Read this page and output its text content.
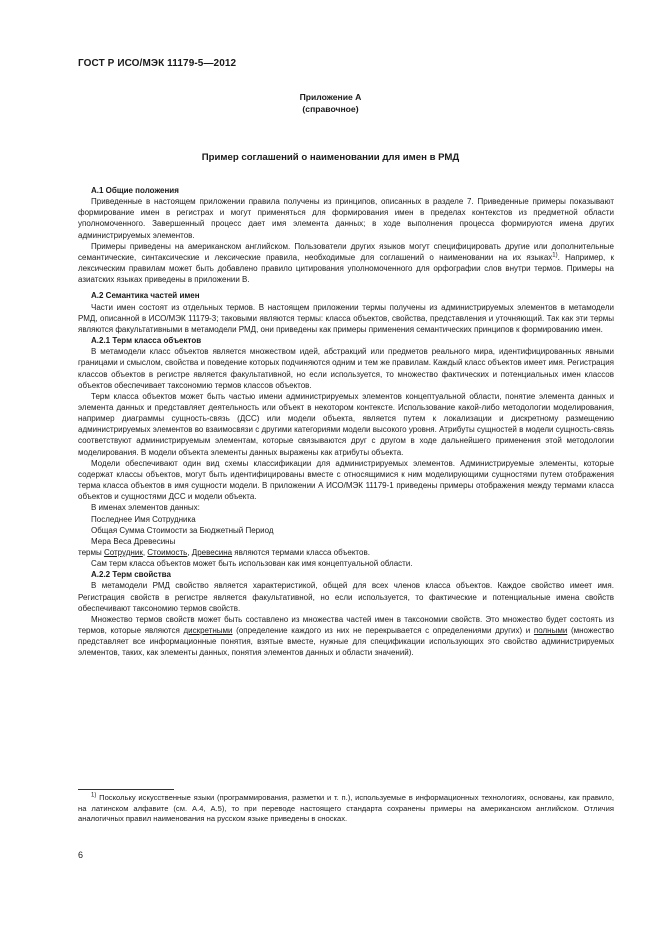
ГОСТ Р ИСО/МЭК 11179-5—2012
Приложение А
(справочное)
Пример соглашений о наименовании для имен в РМД

А.1 Общие положения

Приведенные в настоящем приложении правила получены из принципов, описанных в разделе 7. Приведенные примеры показывают формирование имен в регистрах и могут применяться для формирования имен в пределах контекстов из предметной области уполномоченного. Завершенный процесс дает имя элемента данных; в ходе выполнения процесса формируются имена других администрируемых элементов.

Примеры приведены на американском английском. Пользователи других языков могут специфицировать другие или дополнительные семантические, синтаксические и лексические правила, необходимые для соглашений о наименовании на их языках$^{1)}$. Например, к лексическим правилам может быть добавлено правило цитирования уполномоченного для орфографии слов внутри термов. Примеры на азиатских языках приведены в приложении В.

А.2 Семантика частей имен

Части имен состоят из отдельных термов. В настоящем приложении термы получены из администрируемых элементов в метамодели РМД, описанной в ИСО/МЭК 11179-3; таковыми являются термы: класса объектов, свойства, представления и уточняющий. Так как эти термы являются факультативными в метамодели РМД, они приведены как примеры применения семантических принципов к формированию имен.

А.2.1 Терм класса объектов

В метамодели класс объектов является множеством идей, абстракций или предметов реального мира, идентифицированных явными границами и смыслом, свойства и поведение которых подчиняются одним и тем же правилам. Каждый класс объектов имеет имя. Регистрация классов объектов в регистре является факультативной, но если используется, то множество фактических и потенциальных имен классов объектов обеспечивает таксономию термов классов объектов.

Терм класса объектов может быть частью имени администрируемых элементов концептуальной области, понятие элемента данных и элемента данных и представляет деятельность или объект в некотором контексте. Использование какой-либо методологии моделирования, например диаграммы сущность-связь (ДСС) или модели объекта, является путем к локализации и дискретному размещению администрируемых элементов во взаимосвязи с другими категориями модели высокого уровня. Атрибуты сущностей в модели сущность-связь соответствуют администрируемым элементам, которые связываются друг с другом в ходе дальнейшего применения этой методологии моделирования. В модели объекта элементы данных выражены как атрибуты объекта.

Модели обеспечивают один вид схемы классификации для администрируемых элементов. Администрируемые элементы, которые содержат классы объектов, могут быть идентифицированы вместе с относящимися к ним моделирующими сущностями путем отображения терма класса объектов в имя сущности модели. В приложении А ИСО/МЭК 11179-1 приведены примеры отображения между термами класса объектов и сущностями ДСС и модели объекта.

В именах элементов данных:

Последнее Имя Сотрудника

Общая Сумма Стоимости за Бюджетный Период

Мера Веса Древесины

термы Сотрудник, Стоимость, Древесина являются термами класса объектов.

Сам терм класса объектов может быть использован как имя концептуальной области.

А.2.2 Терм свойства

В метамодели РМД свойство является характеристикой, общей для всех членов класса объектов. Каждое свойство имеет имя. Регистрация свойств в регистре является факультативной, но если используется, то фактические и потенциальные имена свойств обеспечивают таксономию термов свойств.

Множество термов свойств может быть составлено из множества частей имен в таксономии свойств. Это множество будет состоять из термов, которые являются дискретными (определение каждого из них не перекрывается с определениями других) и полными (множество представляет все информационные понятия, взятые вместе, нужные для спецификации использующих это свойство администрируемых элементов, таких, как элементы данных, понятия элементов данных и области значений).

$^{1)}$ Поскольку искусственные языки (программирования, разметки и т. п.), используемые в информационных технологиях, основаны, как правило, на латинском алфавите (см. А.4, А.5), то при переводе настоящего стандарта сохранены примеры на американском английском. Отличия аналогичных правил наименования на русском языке приведены в сносках.
6
